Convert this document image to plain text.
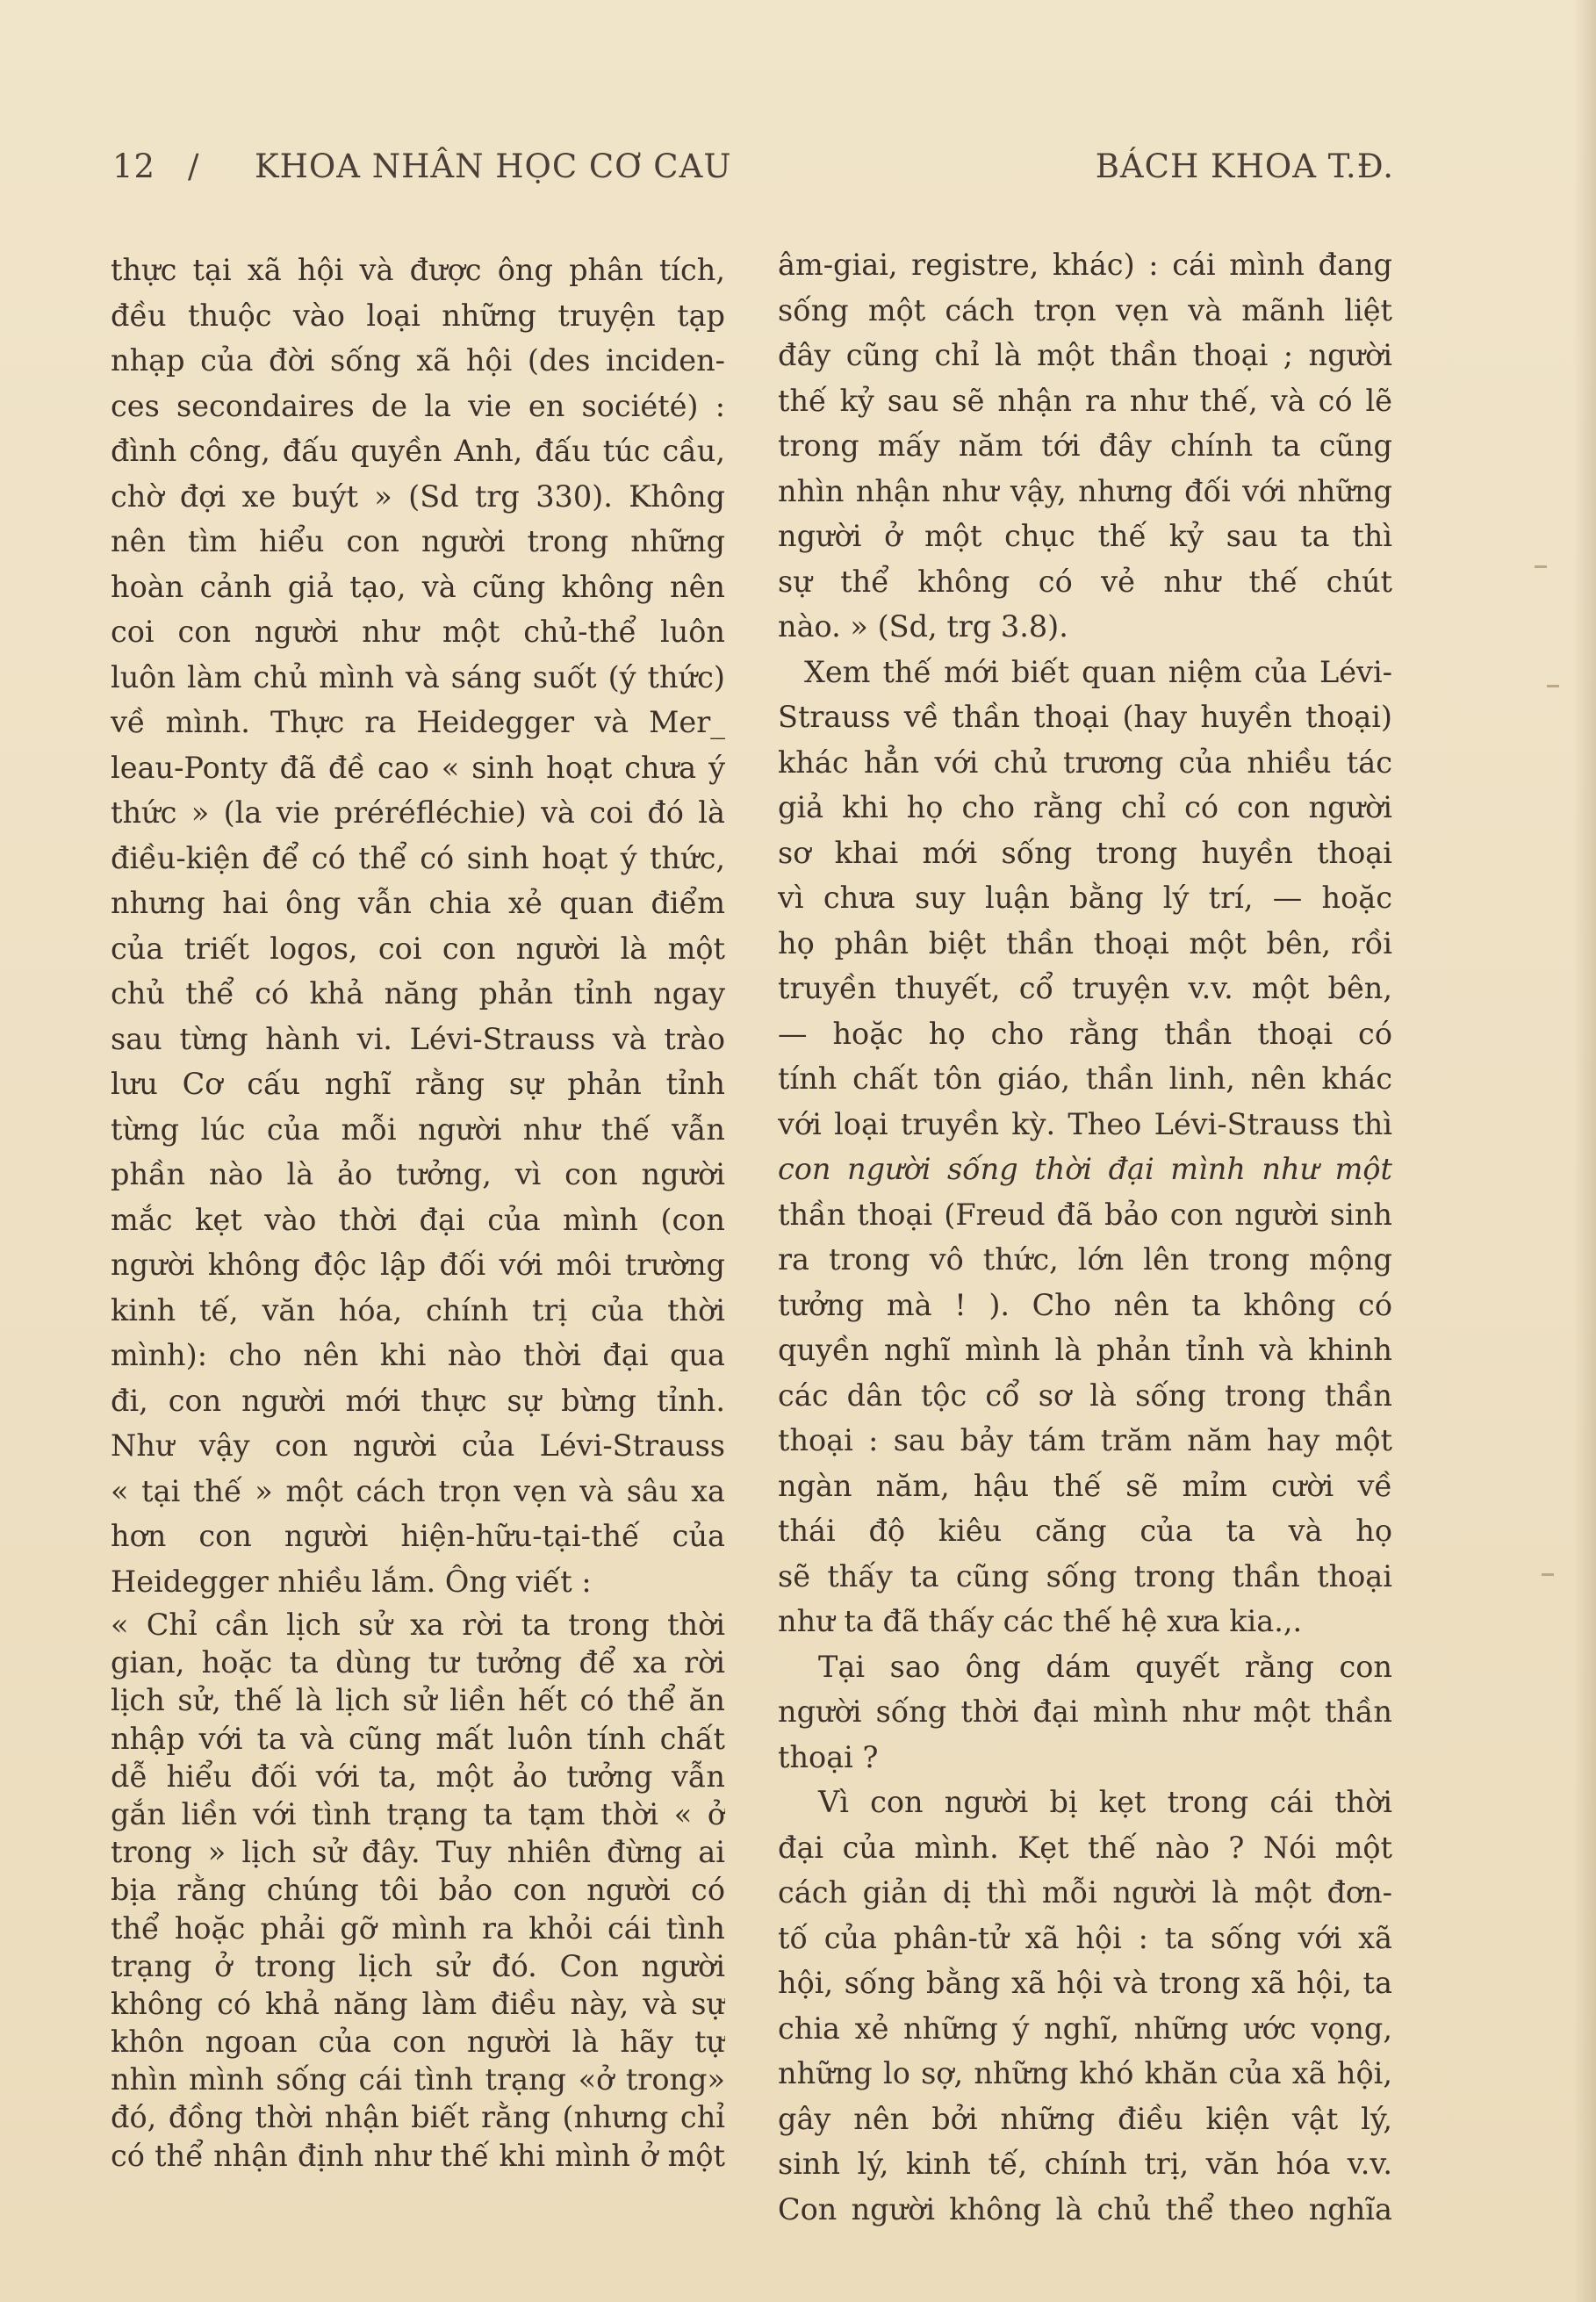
12 / KHOA NHÂN HỌC CƠ CAU	BÁCH KHOA T.Đ.
thực tại xã hội và được ông phân tích,
đều thuộc vào loại những truyện tạp
nhạp của đời sống xã hội (des inciden-
ces secondaires de la vie en société) :
đình công, đấu quyền Anh, đấu túc cầu,
chờ đợi xe buýt » (Sd trg 330). Không
nên tìm hiểu con người trong những
hoàn cảnh giả tạo, và cũng không nên
coi con người như một chủ-thể luôn
luôn làm chủ mình và sáng suốt (ý thức)
về mình. Thực ra Heidegger và Mer_
leau-Ponty đã đề cao « sinh hoạt chưa ý
thức » (la vie préréfléchie) và coi đó là
điều-kiện để có thể có sinh hoạt ý thức,
nhưng hai ông vẫn chia xẻ quan điểm
của triết logos, coi con người là một
chủ thể có khả năng phản tỉnh ngay
sau từng hành vi. Lévi-Strauss và trào
lưu Cơ cấu nghĩ rằng sự phản tỉnh
từng lúc của mỗi người như thế vẫn
phần nào là ảo tưởng, vì con người
mắc kẹt vào thời đại của mình (con
người không độc lập đối với môi trường
kinh tế, văn hóa, chính trị của thời
mình): cho nên khi nào thời đại qua
đi, con người mới thực sự bừng tỉnh.
Như vậy con người của Lévi-Strauss
« tại thế » một cách trọn vẹn và sâu xa
hơn con người hiện-hữu-tại-thế của
Heidegger nhiều lắm. Ông viết :
« Chỉ cần lịch sử xa rời ta trong thời
gian, hoặc ta dùng tư tưởng để xa rời
lịch sử, thế là lịch sử liền hết có thể ăn
nhập với ta và cũng mất luôn tính chất
dễ hiểu đối với ta, một ảo tưởng vẫn
gắn liền với tình trạng ta tạm thời « ở
trong » lịch sử đây. Tuy nhiên đừng ai
bịa rằng chúng tôi bảo con người có
thể hoặc phải gỡ mình ra khỏi cái tình
trạng ở trong lịch sử đó. Con người
không có khả năng làm điều này, và sự
khôn ngoan của con người là hãy tự
nhìn mình sống cái tình trạng «ở trong»
đó, đồng thời nhận biết rằng (nhưng chỉ
có thể nhận định như thế khi mình ở một
âm-giai, registre, khác) : cái mình đang
sống một cách trọn vẹn và mãnh liệt
đây cũng chỉ là một thần thoại ; người
thế kỷ sau sẽ nhận ra như thế, và có lẽ
trong mấy năm tới đây chính ta cũng
nhìn nhận như vậy, nhưng đối với những
người ở một chục thế kỷ sau ta thì
sự thể không có vẻ như thế chút
nào. » (Sd, trg 3.8).
Xem thế mới biết quan niệm của Lévi-
Strauss về thần thoại (hay huyền thoại)
khác hẳn với chủ trương của nhiều tác
giả khi họ cho rằng chỉ có con người
sơ khai mới sống trong huyền thoại
vì chưa suy luận bằng lý trí, — hoặc
họ phân biệt thần thoại một bên, rồi
truyền thuyết, cổ truyện v.v. một bên,
— hoặc họ cho rằng thần thoại có
tính chất tôn giáo, thần linh, nên khác
với loại truyền kỳ. Theo Lévi-Strauss thì
con người sống thời đại mình như một
thần thoại (Freud đã bảo con người sinh
ra trong vô thức, lớn lên trong mộng
tưởng mà ! ). Cho nên ta không có
quyền nghĩ mình là phản tỉnh và khinh
các dân tộc cổ sơ là sống trong thần
thoại : sau bảy tám trăm năm hay một
ngàn năm, hậu thế sẽ mỉm cười về
thái độ kiêu căng của ta và họ
sẽ thấy ta cũng sống trong thần thoại
như ta đã thấy các thế hệ xưa kia.,.
Tại sao ông dám quyết rằng con
người sống thời đại mình như một thần
thoại ?
Vì con người bị kẹt trong cái thời
đại của mình. Kẹt thế nào ? Nói một
cách giản dị thì mỗi người là một đơn-
tố của phân-tử xã hội : ta sống với xã
hội, sống bằng xã hội và trong xã hội, ta
chia xẻ những ý nghĩ, những ước vọng,
những lo sợ, những khó khăn của xã hội,
gây nên bởi những điều kiện vật lý,
sinh lý, kinh tế, chính trị, văn hóa v.v.
Con người không là chủ thể theo nghĩa
